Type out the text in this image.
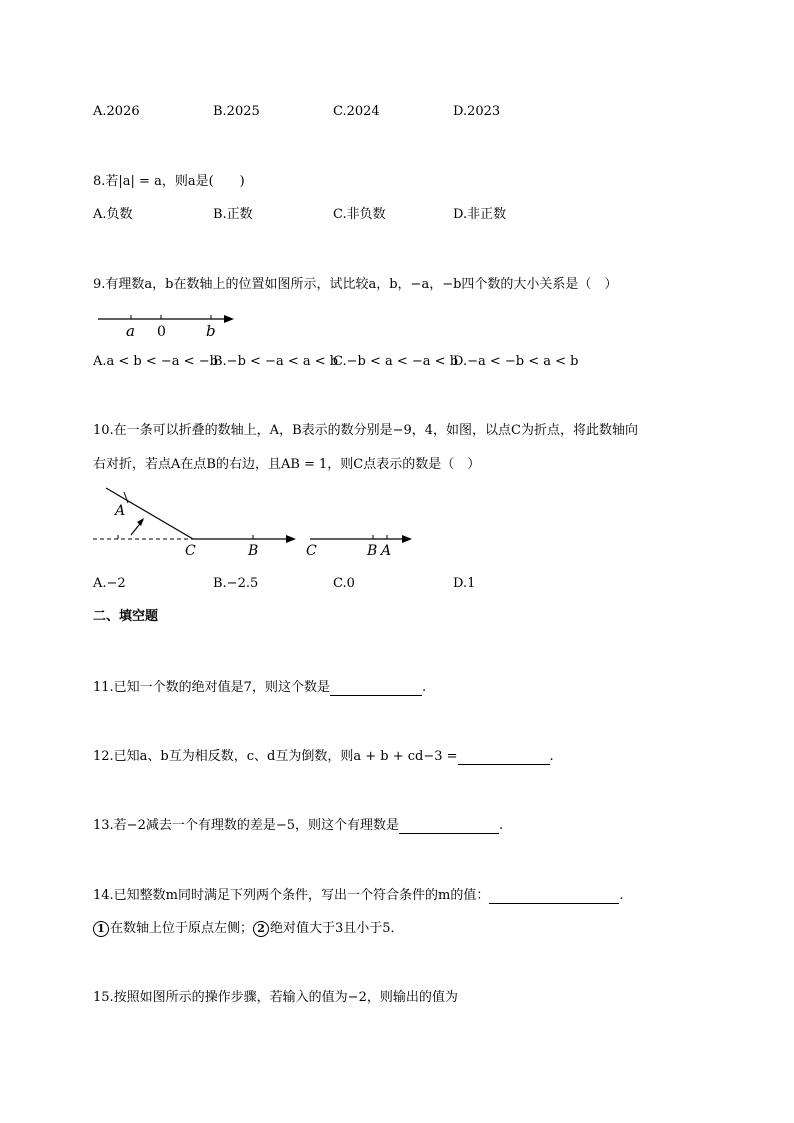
A.2026	B.2025	C.2024	D.2023
8.若|a| = a，则a是(　　)
A.负数	B.正数	C.非负数	D.非正数
9.有理数a，b在数轴上的位置如图所示，试比较a，b，−a，−b四个数的大小关系是（　）
a 0	b
A.a < b < −a < −b
B.−b < −a < a < b
C.−b < a < −a < b
D.−a < −b < a < b
10.在一条可以折叠的数轴上，A，B表示的数分别是−9，4，如图，以点C为折点，将此数轴向
右对折，若点A在点B的右边，且AB = 1，则C点表示的数是（　）
A
C	B	C	B A
A.−2	B.−2.5	C.0	D.1
二、填空题
11.已知一个数的绝对值是7，则这个数是	.
12.已知a、b互为相反数，c、d互为倒数，则a + b + cd−3 =	.
13.若−2减去一个有理数的差是−5，则这个有理数是	.
14.已知整数m同时满足下列两个条件，写出一个符合条件的m的值：	.
1 在数轴上位于原点左侧； 2 绝对值大于3且小于5．
15.按照如图所示的操作步骤，若输入的值为−2，则输出的值为
